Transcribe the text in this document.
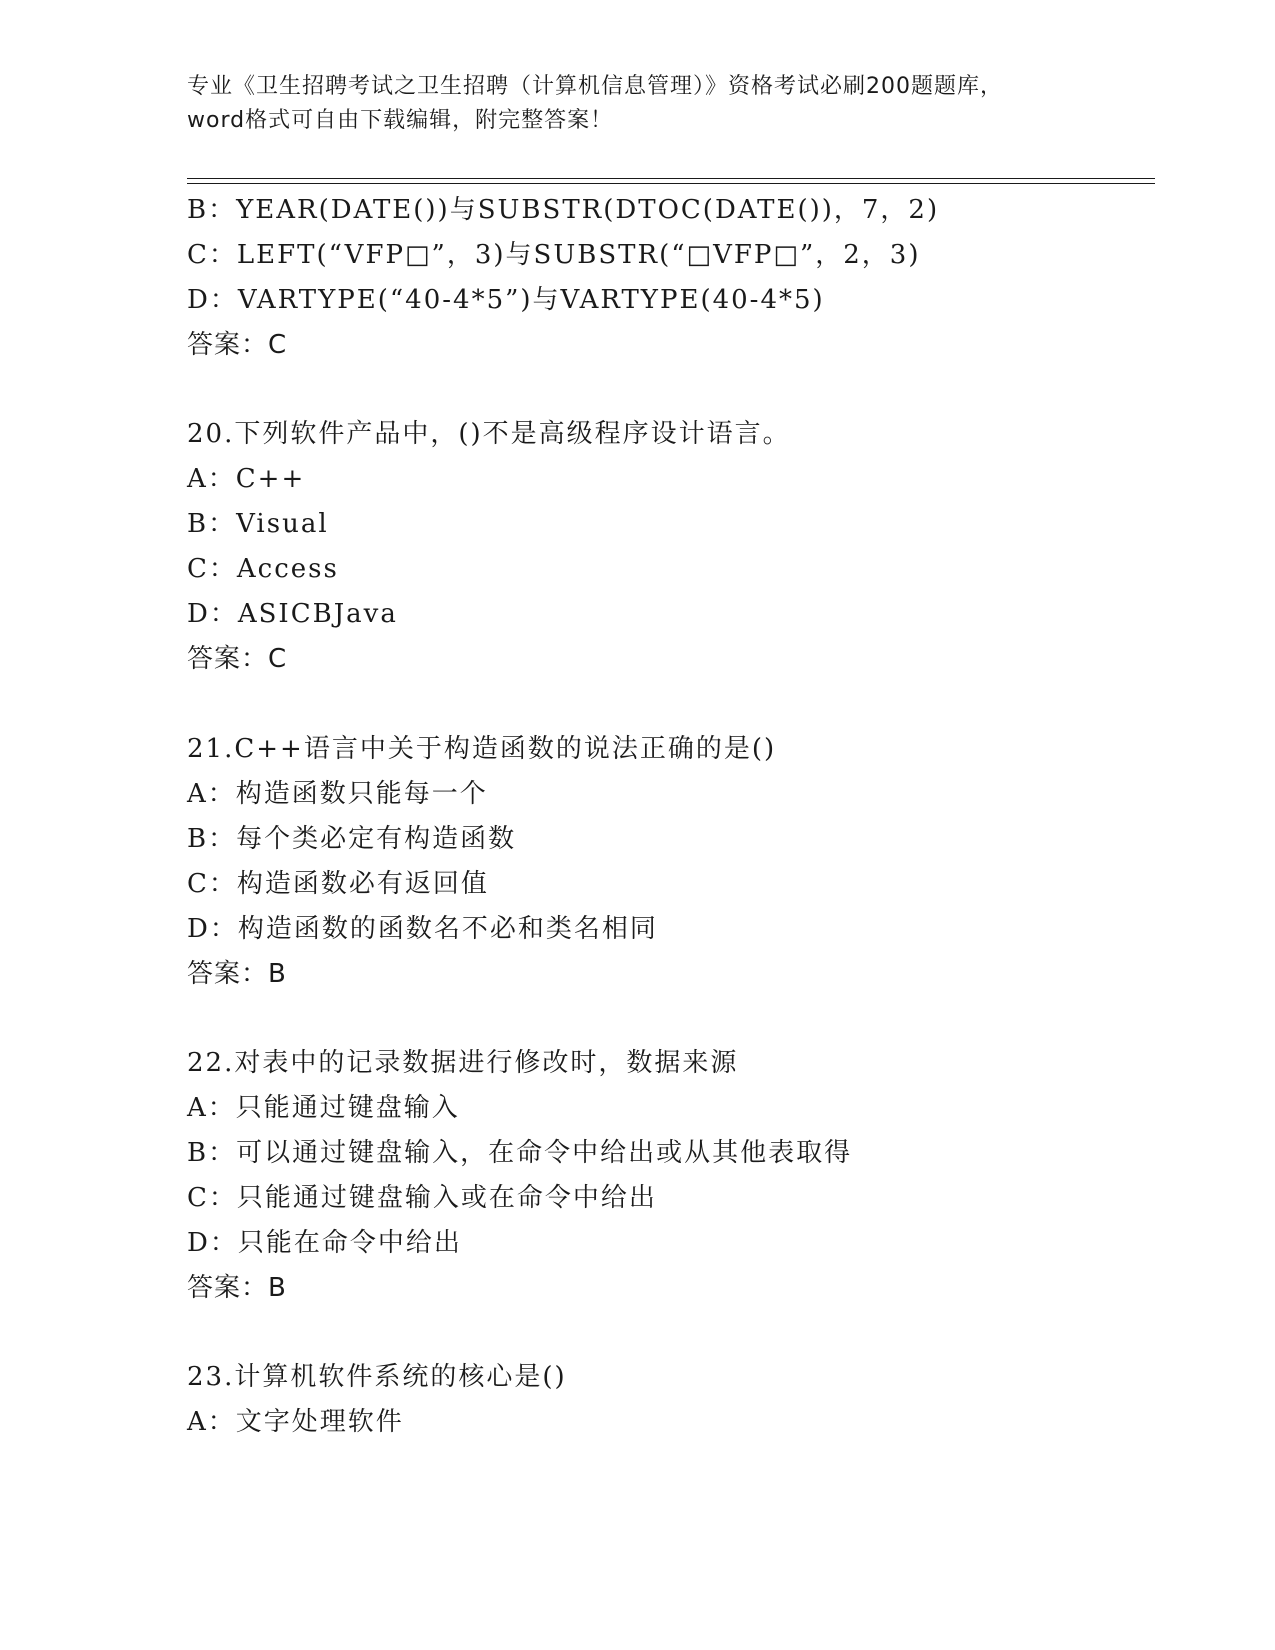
专业《卫生招聘考试之卫生招聘（计算机信息管理）》资格考试必刷200题题库，
word格式可自由下载编辑，附完整答案！
B：YEAR(DATE())与SUBSTR(DTOC(DATE())，7，2)
C：LEFT(“VFP□”，3)与SUBSTR(“□VFP□”，2，3)
D：VARTYPE(“40-4*5”)与VARTYPE(40-4*5)
答案：C
20.下列软件产品中，()不是高级程序设计语言。
A：C++
B：Visual
C：Access
D：ASICBJava
答案：C
21.C++语言中关于构造函数的说法正确的是()
A：构造函数只能每一个
B：每个类必定有构造函数
C：构造函数必有返回值
D：构造函数的函数名不必和类名相同
答案：B
22.对表中的记录数据进行修改时，数据来源
A：只能通过键盘输入
B：可以通过键盘输入，在命令中给出或从其他表取得
C：只能通过键盘输入或在命令中给出
D：只能在命令中给出
答案：B
23.计算机软件系统的核心是()
A：文字处理软件
